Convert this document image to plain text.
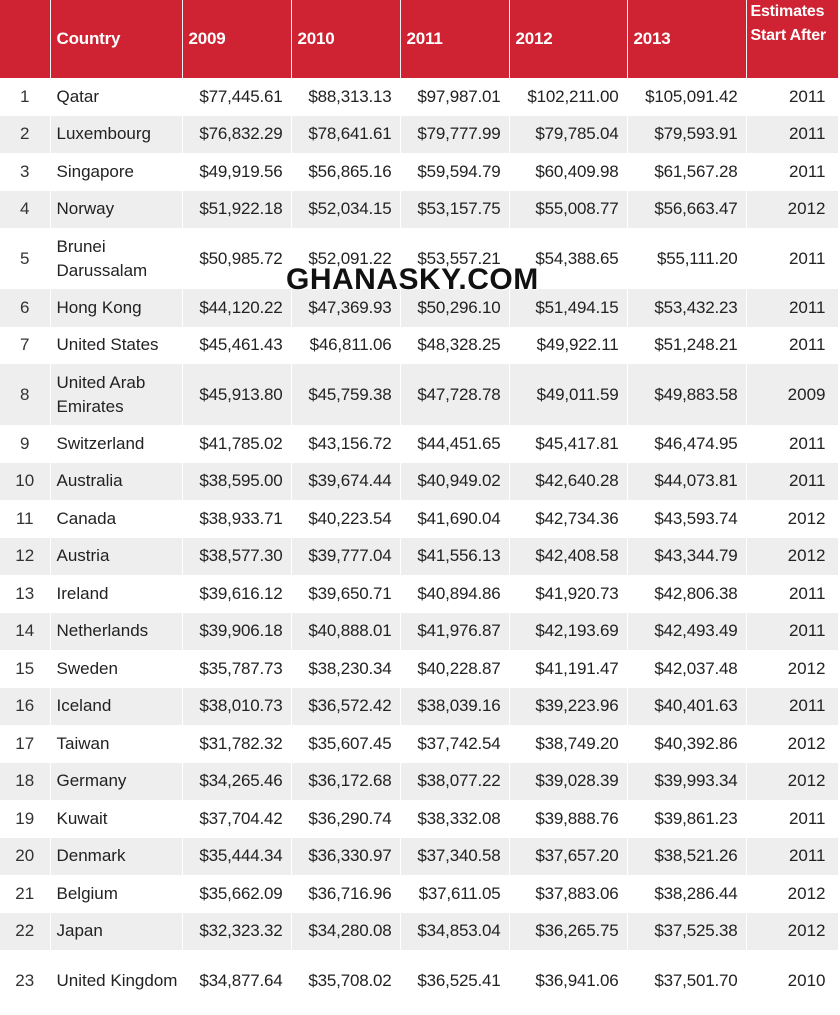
	Country	2009	2010	2011	2012	2013	Estimates Start After
1	Qatar	$77,445.61	$88,313.13	$97,987.01	$102,211.00	$105,091.42	2011
2	Luxembourg	$76,832.29	$78,641.61	$79,777.99	$79,785.04	$79,593.91	2011
3	Singapore	$49,919.56	$56,865.16	$59,594.79	$60,409.98	$61,567.28	2011
4	Norway	$51,922.18	$52,034.15	$53,157.75	$55,008.77	$56,663.47	2012
5	Brunei Darussalam	$50,985.72	$52,091.22	$53,557.21	$54,388.65	$55,111.20	2011
6	Hong Kong	$44,120.22	$47,369.93	$50,296.10	$51,494.15	$53,432.23	2011
7	United States	$45,461.43	$46,811.06	$48,328.25	$49,922.11	$51,248.21	2011
8	United Arab Emirates	$45,913.80	$45,759.38	$47,728.78	$49,011.59	$49,883.58	2009
9	Switzerland	$41,785.02	$43,156.72	$44,451.65	$45,417.81	$46,474.95	2011
10	Australia	$38,595.00	$39,674.44	$40,949.02	$42,640.28	$44,073.81	2011
11	Canada	$38,933.71	$40,223.54	$41,690.04	$42,734.36	$43,593.74	2012
12	Austria	$38,577.30	$39,777.04	$41,556.13	$42,408.58	$43,344.79	2012
13	Ireland	$39,616.12	$39,650.71	$40,894.86	$41,920.73	$42,806.38	2011
14	Netherlands	$39,906.18	$40,888.01	$41,976.87	$42,193.69	$42,493.49	2011
15	Sweden	$35,787.73	$38,230.34	$40,228.87	$41,191.47	$42,037.48	2012
16	Iceland	$38,010.73	$36,572.42	$38,039.16	$39,223.96	$40,401.63	2011
17	Taiwan	$31,782.32	$35,607.45	$37,742.54	$38,749.20	$40,392.86	2012
18	Germany	$34,265.46	$36,172.68	$38,077.22	$39,028.39	$39,993.34	2012
19	Kuwait	$37,704.42	$36,290.74	$38,332.08	$39,888.76	$39,861.23	2011
20	Denmark	$35,444.34	$36,330.97	$37,340.58	$37,657.20	$38,521.26	2011
21	Belgium	$35,662.09	$36,716.96	$37,611.05	$37,883.06	$38,286.44	2012
22	Japan	$32,323.32	$34,280.08	$34,853.04	$36,265.75	$37,525.38	2012
23	United Kingdom	$34,877.64	$35,708.02	$36,525.41	$36,941.06	$37,501.70	2010
GHANASKY.COM
